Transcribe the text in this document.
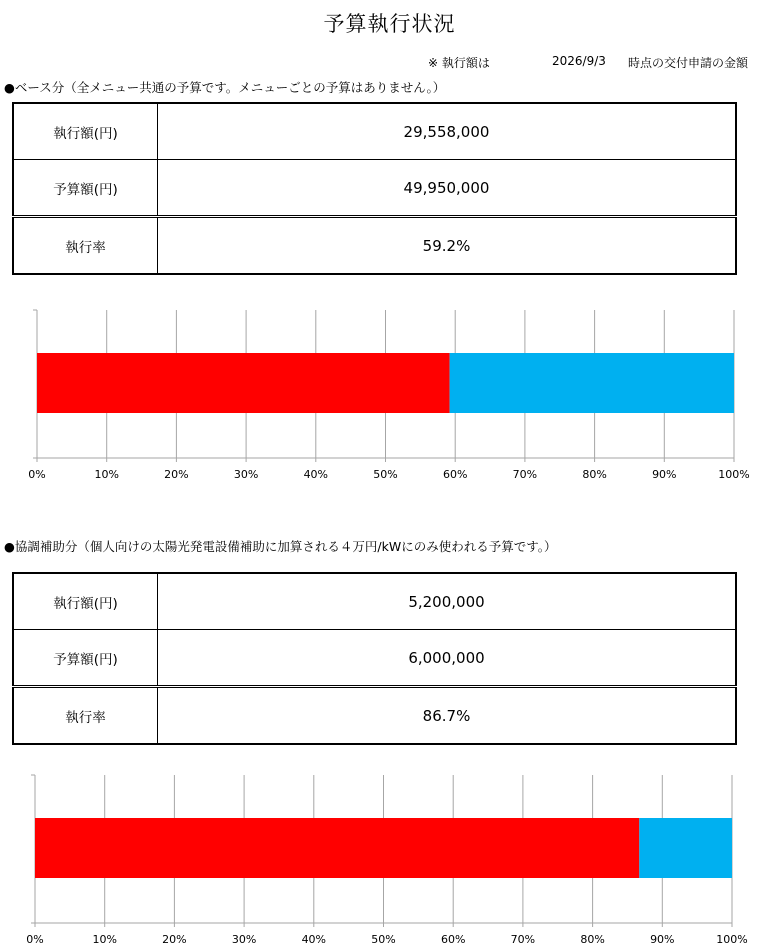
予算執行状況
※ 執行額は	2026/9/3 時点の交付申請の金額
●ベース分（全メニュー共通の予算です。メニューごとの予算はありません。）
執行額(円)	29,558,000
予算額(円)	49,950,000
執行率	59.2%
0%	10%	20%	30%	40%	50%	60%	70%	80%	90%	100%
●協調補助分（個人向けの太陽光発電設備補助に加算される４万円/kWにのみ使われる予算です。）
執行額(円)	5,200,000
予算額(円)	6,000,000
執行率	86.7%
0%	10%	20%	30%	40%	50%	60%	70%	80%	90%	100%
